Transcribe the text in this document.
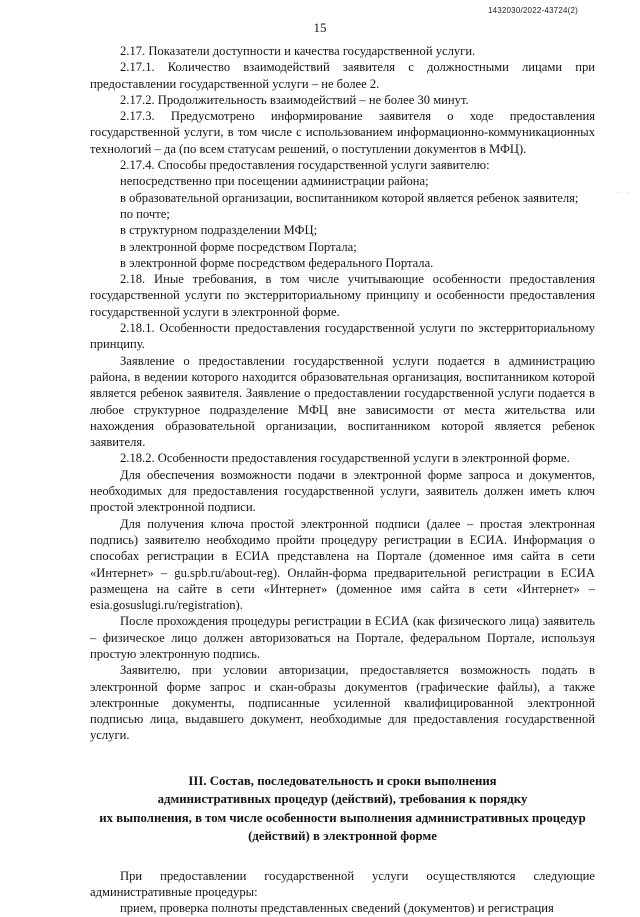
1432030/2022-43724(2)
15
·· ·

2.17. Показатели доступности и качества государственной услуги.

2.17.1. Количество взаимодействий заявителя с должностными лицами при предоставлении государственной услуги – не более 2.

2.17.2. Продолжительность взаимодействий – не более 30 минут.

2.17.3. Предусмотрено информирование заявителя о ходе предоставления государственной услуги, в том числе с использованием информационно-коммуникационных технологий – да (по всем статусам решений, о поступлении документов в МФЦ).

2.17.4. Способы предоставления государственной услуги заявителю:

непосредственно при посещении администрации района;

в образовательной организации, воспитанником которой является ребенок заявителя;

по почте;

в структурном подразделении МФЦ;

в электронной форме посредством Портала;

в электронной форме посредством федерального Портала.

2.18. Иные требования, в том числе учитывающие особенности предоставления государственной услуги по экстерриториальному принципу и особенности предоставления государственной услуги в электронной форме.

2.18.1. Особенности предоставления государственной услуги по экстерриториальному принципу.

Заявление о предоставлении государственной услуги подается в администрацию района, в ведении которого находится образовательная организация, воспитанником которой является ребенок заявителя. Заявление о предоставлении государственной услуги подается в любое структурное подразделение МФЦ вне зависимости от места жительства или нахождения образовательной организации, воспитанником которой является ребенок заявителя.

2.18.2. Особенности предоставления государственной услуги в электронной форме.

Для обеспечения возможности подачи в электронной форме запроса и документов, необходимых для предоставления государственной услуги, заявитель должен иметь ключ простой электронной подписи.

Для получения ключа простой электронной подписи (далее – простая электронная подпись) заявителю необходимо пройти процедуру регистрации в ЕСИА. Информация о способах регистрации в ЕСИА представлена на Портале (доменное имя сайта в сети «Интернет» – gu.spb.ru/about-reg). Онлайн-форма предварительной регистрации в ЕСИА размещена на сайте в сети «Интернет» (доменное имя сайта в сети «Интернет» – esia.gosuslugi.ru/registration).

После прохождения процедуры регистрации в ЕСИА (как физического лица) заявитель – физическое лицо должен авторизоваться на Портале, федеральном Портале, используя простую электронную подпись.

Заявителю, при условии авторизации, предоставляется возможность подать в электронной форме запрос и скан-образы документов (графические файлы), а также электронные документы, подписанные усиленной квалифицированной электронной подписью лица, выдавшего документ, необходимые для предоставления государственной услуги.

III. Состав, последовательность и сроки выполнения
административных процедур (действий), требования к порядку
их выполнения, в том числе особенности выполнения административных процедур
(действий) в электронной форме

При предоставлении государственной услуги осуществляются следующие административные процедуры:

прием, проверка полноты представленных сведений (документов) и регистрация
